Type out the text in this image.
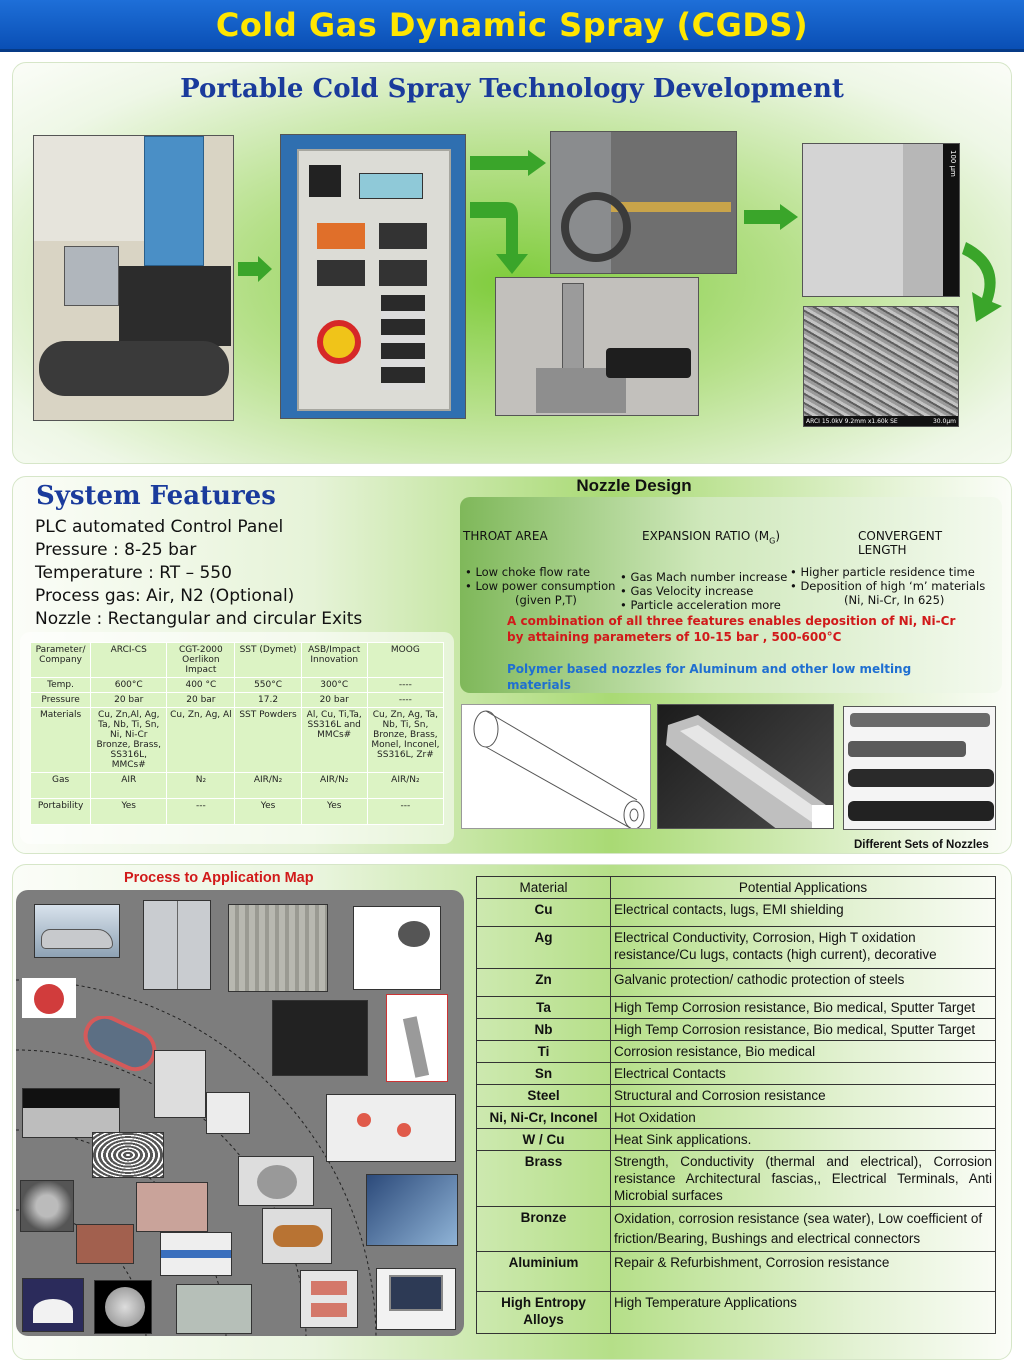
Cold Gas Dynamic Spray (CGDS)
Portable Cold Spray Technology Development
100 µm
ARCI 15.0kV 9.2mm x1.60k SE	30.0µm
System Features
PLC automated Control Panel
Pressure : 8-25 bar
Temperature : RT – 550
Process gas: Air, N2 (Optional)
Nozzle : Rectangular and circular Exits
Parameter/ Company	ARCI-CS	CGT-2000 Oerlikon Impact	SST (Dymet)	ASB/Impact Innovation	MOOG
Temp.	600°C	400 °C	550°C	300°C	----
Pressure	20 bar	20 bar	17.2	20 bar	----
Materials	Cu, Zn,Al, Ag, Ta, Nb, Ti, Sn, Ni, Ni-Cr Bronze, Brass, SS316L, MMCs#	Cu, Zn, Ag, Al	SST Powders	Al, Cu, Ti,Ta, SS316L and MMCs#	Cu, Zn, Ag, Ta, Nb, Ti, Sn, Bronze, Brass, Monel, Inconel, SS316L, Zr#
Gas	AIR	N₂	AIR/N₂	AIR/N₂	AIR/N₂
Portability	Yes	---	Yes	Yes	---
Nozzle Design
THROAT AREA
• Low choke flow rate
• Low power consumption
(given P,T)
EXPANSION RATIO $(M_G)$
• Gas Mach number increase
• Gas Velocity increase
• Particle acceleration more
CONVERGENT
LENGTH
• Higher particle residence time
• Deposition of high ‘m’ materials
(Ni, Ni-Cr, In 625)
A combination of all three features enables deposition of Ni, Ni-Cr
by attaining parameters of 10-15 bar , 500-600°C
Polymer based nozzles for Aluminum and other low melting
materials
Different Sets of Nozzles
Process to Application Map
Material	Potential Applications
Cu	Electrical contacts, lugs, EMI shielding
Ag	Electrical Conductivity, Corrosion, High T oxidation resistance/Cu lugs, contacts (high current), decorative
Zn	Galvanic protection/ cathodic protection of steels
Ta	High Temp Corrosion resistance, Bio medical, Sputter Target
Nb	High Temp Corrosion resistance, Bio medical, Sputter Target
Ti	Corrosion resistance, Bio medical
Sn	Electrical Contacts
Steel	Structural and Corrosion resistance
Ni, Ni-Cr, Inconel	Hot Oxidation
W / Cu	Heat Sink applications.
Brass	Strength, Conductivity (thermal and electrical), Corrosion resistance Architectural fascias,, Electrical Terminals, Anti Microbial surfaces
Bronze	Oxidation, corrosion resistance (sea water), Low coefficient of friction/Bearing, Bushings and electrical connectors
Aluminium	Repair & Refurbishment, Corrosion resistance
High Entropy Alloys	High Temperature Applications
